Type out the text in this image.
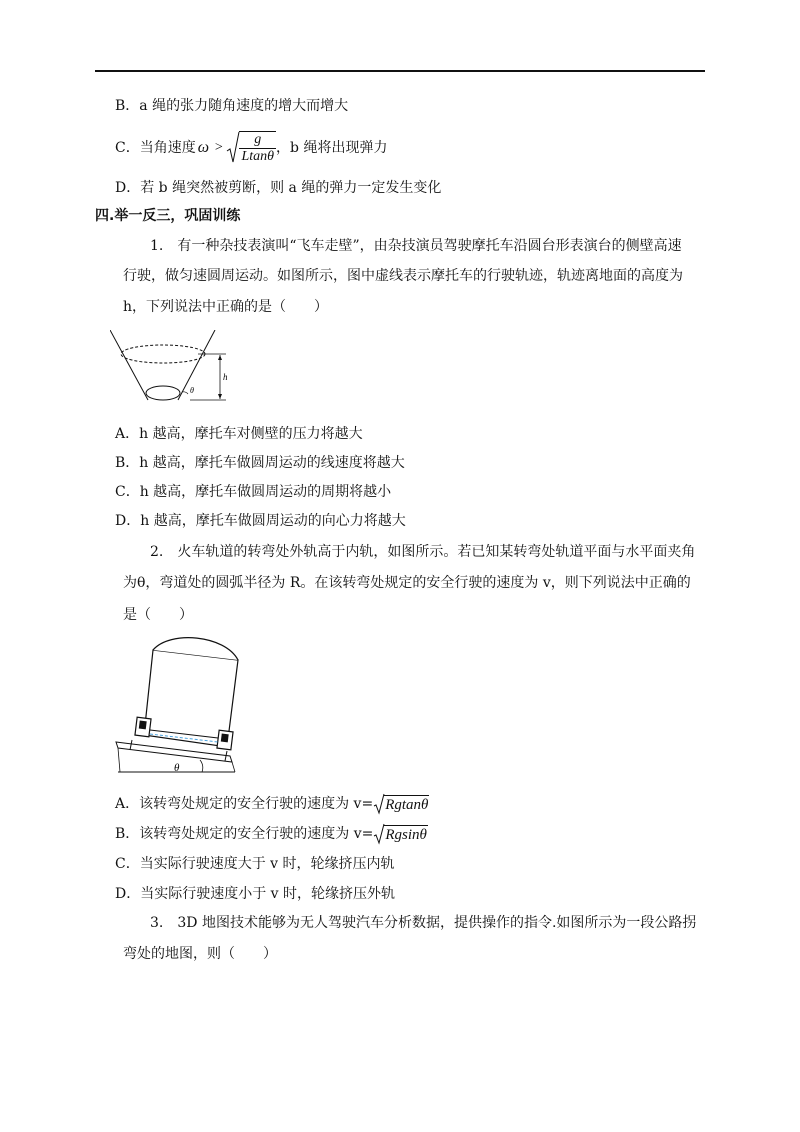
B．a 绳的张力随角速度的增大而增大
C．当角速度 $\omega > \frac{g}{Ltan\theta}$ ，b 绳将出现弹力
D．若 b 绳突然被剪断，则 a 绳的弹力一定发生变化
四.举一反三，巩固训练
1.　有一种杂技表演叫“飞车走壁”，由杂技演员驾驶摩托车沿圆台形表演台的侧壁高速
行驶，做匀速圆周运动。如图所示，图中虚线表示摩托车的行驶轨迹，轨迹离地面的高度为
h，下列说法中正确的是（　　）
h
θ
A．h 越高，摩托车对侧壁的压力将越大
B．h 越高，摩托车做圆周运动的线速度将越大
C．h 越高，摩托车做圆周运动的周期将越小
D．h 越高，摩托车做圆周运动的向心力将越大
2.　火车轨道的转弯处外轨高于内轨，如图所示。若已知某转弯处轨道平面与水平面夹角
为θ，弯道处的圆弧半径为 R。在该转弯处规定的安全行驶的速度为 v，则下列说法中正确的
是（　　）
θ
A．该转弯处规定的安全行驶的速度为 v= Rgtanθ
B．该转弯处规定的安全行驶的速度为 v= Rgsinθ
C．当实际行驶速度大于 v 时，轮缘挤压内轨
D．当实际行驶速度小于 v 时，轮缘挤压外轨
3.　3D 地图技术能够为无人驾驶汽车分析数据，提供操作的指令.如图所示为一段公路拐
弯处的地图，则（　　）
